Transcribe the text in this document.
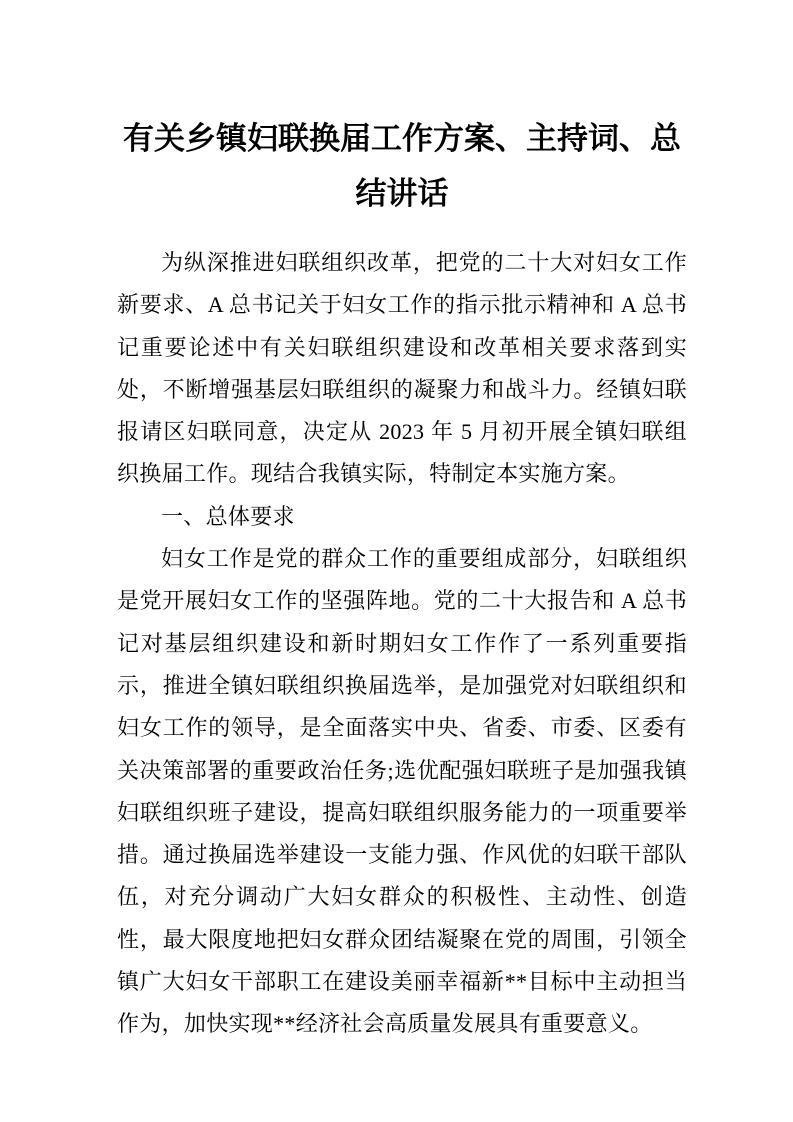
有关乡镇妇联换届工作方案、主持词、总结讲话

为纵深推进妇联组织改革，把党的二十大对妇女工作新要求、A 总书记关于妇女工作的指示批示精神和 A 总书记重要论述中有关妇联组织建设和改革相关要求落到实处，不断增强基层妇联组织的凝聚力和战斗力。经镇妇联报请区妇联同意，决定从 2023 年 5 月初开展全镇妇联组织换届工作。现结合我镇实际，特制定本实施方案。

一、总体要求

妇女工作是党的群众工作的重要组成部分，妇联组织是党开展妇女工作的坚强阵地。党的二十大报告和 A 总书记对基层组织建设和新时期妇女工作作了一系列重要指示，推进全镇妇联组织换届选举，是加强党对妇联组织和妇女工作的领导，是全面落实中央、省委、市委、区委有关决策部署的重要政治任务;选优配强妇联班子是加强我镇妇联组织班子建设，提高妇联组织服务能力的一项重要举措。通过换届选举建设一支能力强、作风优的妇联干部队伍，对充分调动广大妇女群众的积极性、主动性、创造性，最大限度地把妇女群众团结凝聚在党的周围，引领全镇广大妇女干部职工在建设美丽幸福新**目标中主动担当作为，加快实现**经济社会高质量发展具有重要意义。
